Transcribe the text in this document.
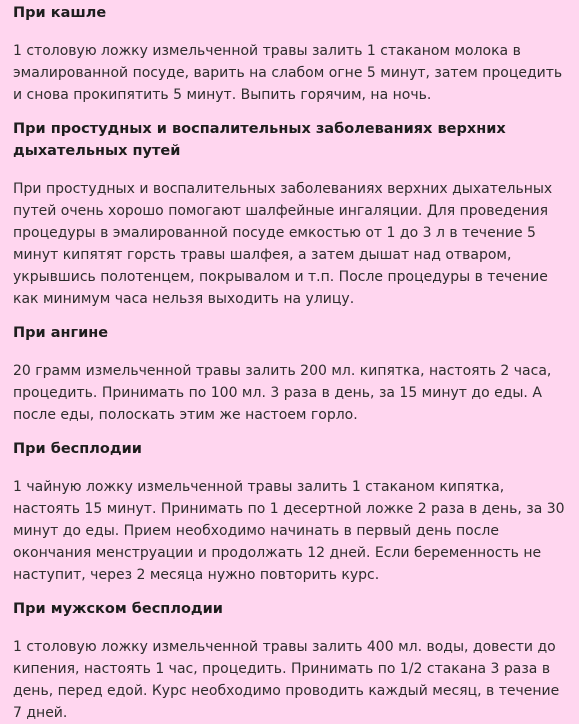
При кашле

1 столовую ложку измельченной травы залить 1 стаканом молока в эмалированной посуде, варить на слабом огне 5 минут, затем процедить и снова прокипятить 5 минут. Выпить горячим, на ночь.

При простудных и воспалительных заболеваниях верхних дыхательных путей

При простудных и воспалительных заболеваниях верхних дыхательных путей очень хорошо помогают шалфейные ингаляции. Для проведения процедуры в эмалированной посуде емкостью от 1 до 3 л в течение 5 минут кипятят горсть травы шалфея, а затем дышат над отваром, укрывшись полотенцем, покрывалом и т.п. После процедуры в течение как минимум часа нельзя выходить на улицу.

При ангине

20 грамм измельченной травы залить 200 мл. кипятка, настоять 2 часа, процедить. Принимать по 100 мл. 3 раза в день, за 15 минут до еды. А после еды, полоскать этим же настоем горло.

При бесплодии

1 чайную ложку измельченной травы залить 1 стаканом кипятка, настоять 15 минут. Принимать по 1 десертной ложке 2 раза в день, за 30 минут до еды. Прием необходимо начинать в первый день после окончания менструации и продолжать 12 дней. Если беременность не наступит, через 2 месяца нужно повторить курс.

При мужском бесплодии

1 столовую ложку измельченной травы залить 400 мл. воды, довести до кипения, настоять 1 час, процедить. Принимать по 1/2 стакана 3 раза в день, перед едой. Курс необходимо проводить каждый месяц, в течение 7 дней.
